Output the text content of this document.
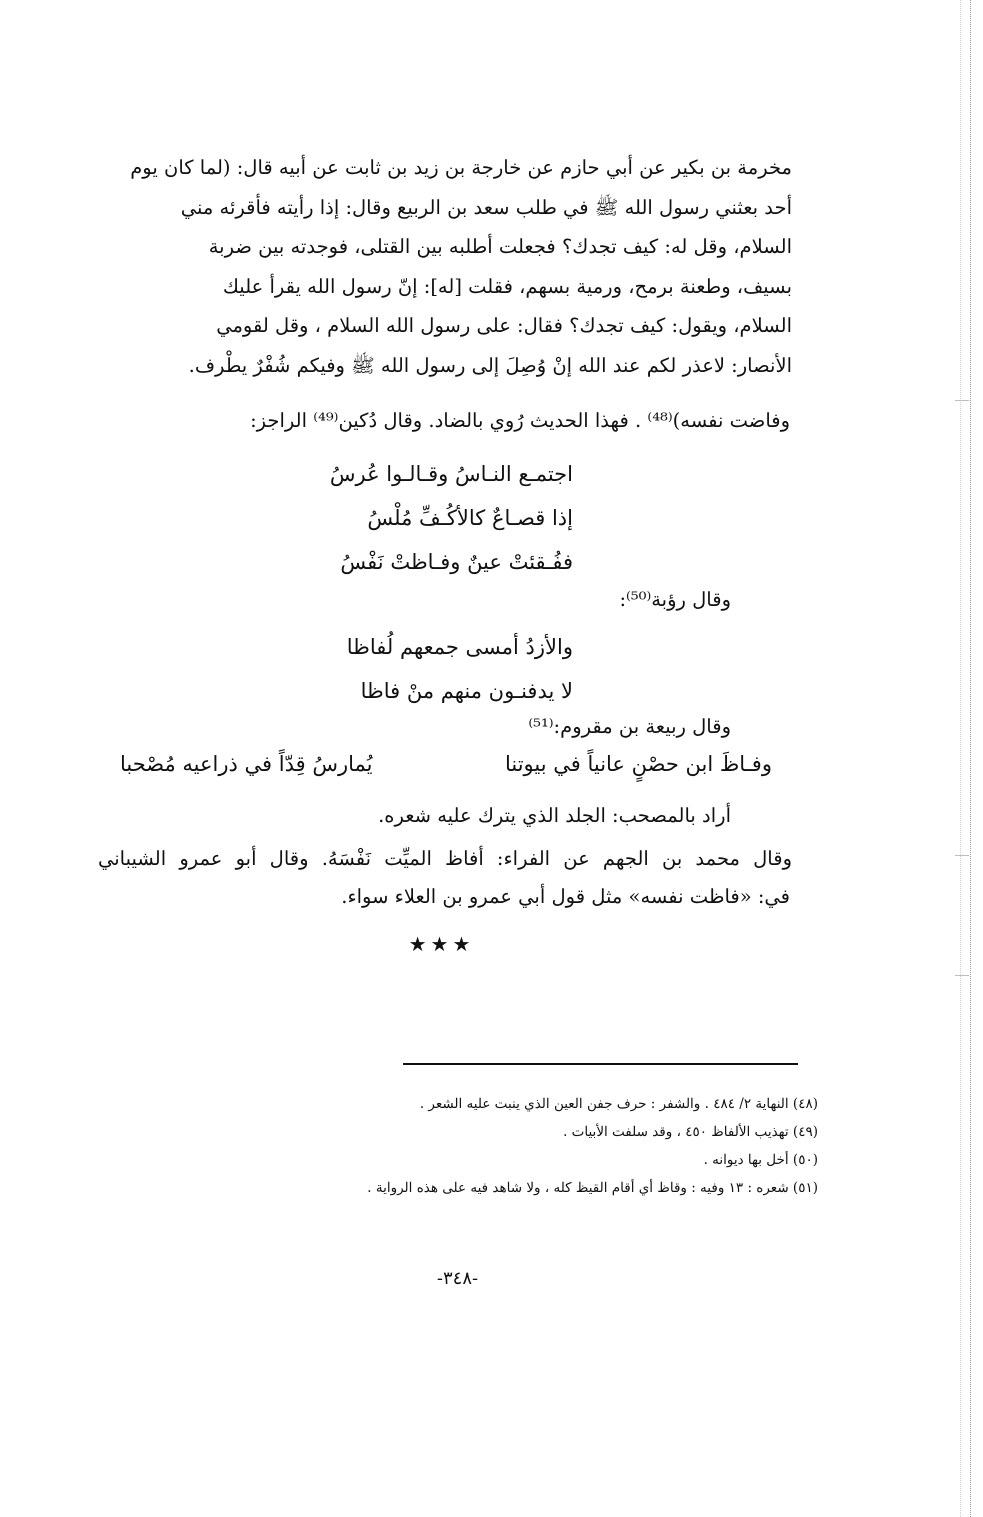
مخرمة بن بكير عن أبي حازم عن خارجة بن زيد بن ثابت عن أبيه قال: (لما كان يوم

أحد بعثني رسول الله ﷺ في طلب سعد بن الربيع وقال: إذا رأيته فأقرئه مني

السلام، وقل له: كيف تجدك؟ فجعلت أطلبه بين القتلى، فوجدته بين ضربة

بسيف، وطعنة برمح، ورمية بسهم، فقلت [له]: إنّ رسول الله يقرأ عليك

السلام، ويقول: كيف تجدك؟ فقال: على رسول الله السلام ، وقل لقومي

الأنصار: لاعذر لكم عند الله إنْ وُصِلَ إلى رسول الله ﷺ وفيكم شُفْرٌ يطْرف.

وفاضت نفسه)⁽⁴⁸⁾ . فهذا الحديث رُوي بالضاد. وقال دُكين⁽⁴⁹⁾ الراجز:
اجتمـع النـاسُ وقـالـوا عُرسُ
إذا قصـاعٌ كالأكُـفِّ مُلْسُ
ففُـقئتْ عينٌ وفـاظتْ نَفْسُ
وقال رؤبة⁽⁵⁰⁾:
والأزدُ أمسى جمعهم لُفاظا
لا يدفنـون منهم منْ فاظا
وقال ربيعة بن مقروم:⁽⁵¹⁾
وفـاظَ ابن حصْنٍ عانياً في بيوتنا
يُمارسُ قِدّاً في ذراعيه مُصْحبا
أراد بالمصحب: الجلد الذي يترك عليه شعره.
وقال محمد بن الجهم عن الفراء: أفاظ الميِّت نَفْسَهُ. وقال أبو عمرو الشيباني
في: «فاظت نفسه» مثل قول أبي عمرو بن العلاء سواء.
★★★
(٤٨) النهاية ٢/ ٤٨٤ . والشفر : حرف جفن العين الذي ينبت عليه الشعر .
(٤٩) تهذيب الألفاظ ٤٥٠ ، وقد سلفت الأبيات .
(٥٠) أخل بها ديوانه .
(٥١) شعره : ١٣ وفيه : وقاظ أي أقام القيظ كله ، ولا شاهد فيه على هذه الرواية .
-٣٤٨-
